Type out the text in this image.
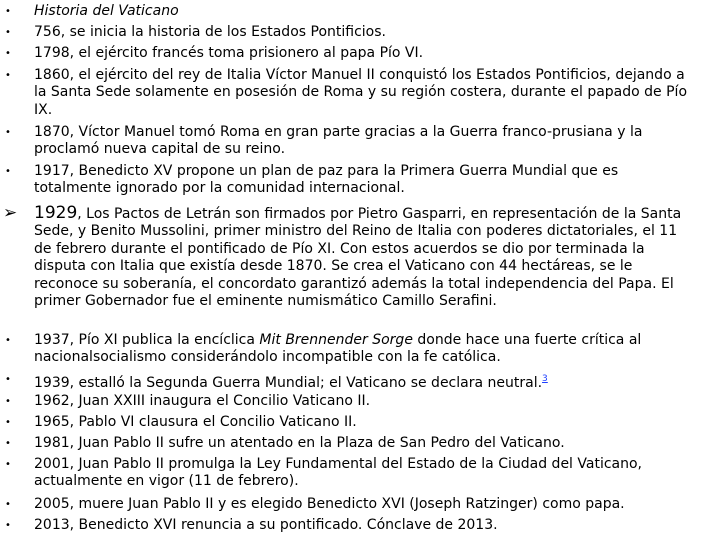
• Historia del Vaticano
• 756, se inicia la historia de los Estados Pontificios.
• 1798, el ejército francés toma prisionero al papa Pío VI.
• 1860, el ejército del rey de Italia Víctor Manuel II conquistó los Estados Pontificios, dejando a la Santa Sede solamente en posesión de Roma y su región costera, durante el papado de Pío IX.
• 1870, Víctor Manuel tomó Roma en gran parte gracias a la Guerra franco-prusiana y la proclamó nueva capital de su reino.
• 1917, Benedicto XV propone un plan de paz para la Primera Guerra Mundial que es totalmente ignorado por la comunidad internacional.
1929, Los Pactos de Letrán son firmados por Pietro Gasparri, en representación de la Santa Sede, y Benito Mussolini, primer ministro del Reino de Italia con poderes dictatoriales, el 11 de febrero durante el pontificado de Pío XI. Con estos acuerdos se dio por terminada la disputa con Italia que existía desde 1870. Se crea el Vaticano con 44 hectáreas, se le reconoce su soberanía, el concordato garantizó además la total independencia del Papa. El primer Gobernador fue el eminente numismático Camillo Serafini.
• 1937, Pío XI publica la encíclica Mit Brennender Sorge donde hace una fuerte crítica al nacionalsocialismo considerándolo incompatible con la fe católica.
• 1939, estalló la Segunda Guerra Mundial; el Vaticano se declara neutral.$^3$
• 1962, Juan XXIII inaugura el Concilio Vaticano II.
• 1965, Pablo VI clausura el Concilio Vaticano II.
• 1981, Juan Pablo II sufre un atentado en la Plaza de San Pedro del Vaticano.
• 2001, Juan Pablo II promulga la Ley Fundamental del Estado de la Ciudad del Vaticano, actualmente en vigor (11 de febrero).
• 2005, muere Juan Pablo II y es elegido Benedicto XVI (Joseph Ratzinger) como papa.
• 2013, Benedicto XVI renuncia a su pontificado. Cónclave de 2013.
➢
